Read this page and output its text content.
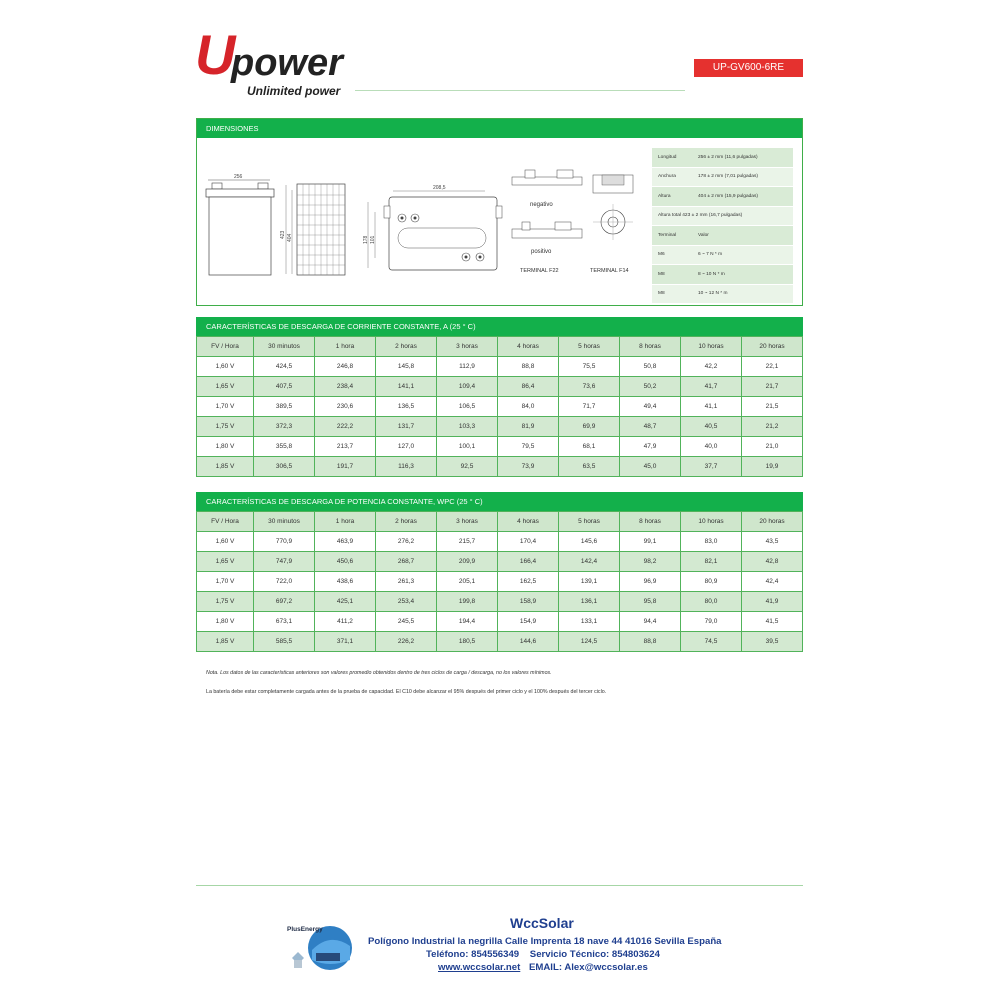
U
power
Unlimited power
UP-GV600-6RE
DIMENSIONES
256
423 404
208,5
178 101
negativo
positivo
TERMINAL F22	TERMINAL F14
Longitud	256 ± 2 mm (11,6 pulgadas)
Anchura	178 ± 2 mm (7,01 pulgadas)
Altura	404 ± 2 mm (15,9 pulgadas)
Altura total 423 ± 2 mm (16,7 pulgadas)
Terminal	Valor
M6	6 ~ 7 N * m
M8	8 ~ 10 N * m
M8	10 ~ 12 N * m
CARACTERÍSTICAS DE DESCARGA DE CORRIENTE CONSTANTE, A (25 ° C)
FV / Hora	30 minutos	1 hora	2 horas	3 horas	4 horas	5 horas	8 horas	10 horas	20 horas
1,60 V	424,5	246,8	145,8	112,9	88,8	75,5	50,8	42,2	22,1
1,65 V	407,5	238,4	141,1	109,4	86,4	73,6	50,2	41,7	21,7
1,70 V	389,5	230,6	136,5	106,5	84,0	71,7	49,4	41,1	21,5
1,75 V	372,3	222,2	131,7	103,3	81,9	69,9	48,7	40,5	21,2
1,80 V	355,8	213,7	127,0	100,1	79,5	68,1	47,9	40,0	21,0
1,85 V	306,5	191,7	116,3	92,5	73,9	63,5	45,0	37,7	19,9
CARACTERÍSTICAS DE DESCARGA DE POTENCIA CONSTANTE, WPC (25 ° C)
FV / Hora	30 minutos	1 hora	2 horas	3 horas	4 horas	5 horas	8 horas	10 horas	20 horas
1,60 V	770,9	463,9	276,2	215,7	170,4	145,6	99,1	83,0	43,5
1,65 V	747,9	450,6	268,7	209,9	166,4	142,4	98,2	82,1	42,8
1,70 V	722,0	438,6	261,3	205,1	162,5	139,1	96,9	80,9	42,4
1,75 V	697,2	425,1	253,4	199,8	158,9	136,1	95,8	80,0	41,9
1,80 V	673,1	411,2	245,5	194,4	154,9	133,1	94,4	79,0	41,5
1,85 V	585,5	371,1	226,2	180,5	144,6	124,5	88,8	74,5	39,5
Nota. Los datos de las características anteriores son valores promedio obtenidos dentro de tres ciclos de carga / descarga, no los valores mínimos.
La batería debe estar completamente cargada antes de la prueba de capacidad. El C10 debe alcanzar el 95% después del primer ciclo y el 100% después del tercer ciclo.
PlusEnergy	WccSolar
Polígono Industrial la negrilla Calle Imprenta 18 nave 44 41016 Sevilla España
Teléfono: 854556349    Servicio Técnico: 854803624
www.wccsolar.net EMAIL: Alex@wccsolar.es
